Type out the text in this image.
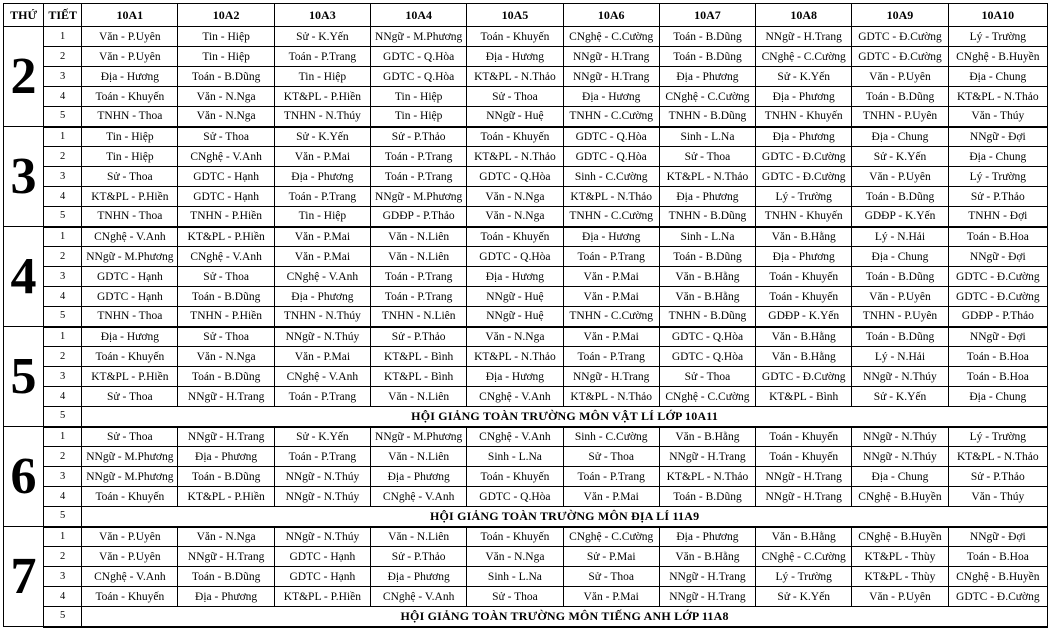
THỨ	TIẾT	10A1	10A2	10A3	10A4	10A5	10A6	10A7	10A8	10A9	10A10
2	1	Văn - P.Uyên	Tin - Hiệp	Sử - K.Yến	NNgữ - M.Phương	Toán - Khuyến	CNghệ - C.Cường	Toán - B.Dũng	NNgữ - H.Trang	GDTC - Đ.Cường	Lý - Trường
	2	Văn - P.Uyên	Tin - Hiệp	Toán - P.Trang	GDTC - Q.Hòa	Địa - Hương	NNgữ - H.Trang	Toán - B.Dũng	CNghệ - C.Cường	GDTC - Đ.Cường	CNghệ - B.Huyền
	3	Địa - Hương	Toán - B.Dũng	Tin - Hiệp	GDTC - Q.Hòa	KT&PL - N.Thảo	NNgữ - H.Trang	Địa - Phương	Sử - K.Yến	Văn - P.Uyên	Địa - Chung
	4	Toán - Khuyến	Văn - N.Nga	KT&PL - P.Hiền	Tin - Hiệp	Sử - Thoa	Địa - Hương	CNghệ - C.Cường	Địa - Phương	Toán - B.Dũng	KT&PL - N.Thảo
	5	TNHN - Thoa	Văn - N.Nga	TNHN - N.Thúy	Tin - Hiệp	NNgữ - Huệ	TNHN - C.Cường	TNHN - B.Dũng	TNHN - Khuyến	TNHN - P.Uyên	Văn - Thúy
3	1	Tin - Hiệp	Sử - Thoa	Sử - K.Yến	Sử - P.Thảo	Toán - Khuyến	GDTC - Q.Hòa	Sinh - L.Na	Địa - Phương	Địa - Chung	NNgữ - Đợi
	2	Tin - Hiệp	CNghệ - V.Anh	Văn - P.Mai	Toán - P.Trang	KT&PL - N.Thảo	GDTC - Q.Hòa	Sử - Thoa	GDTC - Đ.Cường	Sử - K.Yến	Địa - Chung
	3	Sử - Thoa	GDTC - Hạnh	Địa - Phương	Toán - P.Trang	GDTC - Q.Hòa	Sinh - C.Cường	KT&PL - N.Thảo	GDTC - Đ.Cường	Văn - P.Uyên	Lý - Trường
	4	KT&PL - P.Hiền	GDTC - Hạnh	Toán - P.Trang	NNgữ - M.Phương	Văn - N.Nga	KT&PL - N.Thảo	Địa - Phương	Lý - Trường	Toán - B.Dũng	Sử - P.Thảo
	5	TNHN - Thoa	TNHN - P.Hiền	Tin - Hiệp	GDĐP - P.Thảo	Văn - N.Nga	TNHN - C.Cường	TNHN - B.Dũng	TNHN - Khuyến	GDĐP - K.Yến	TNHN - Đợi
4	1	CNghệ - V.Anh	KT&PL - P.Hiền	Văn - P.Mai	Văn - N.Liên	Toán - Khuyến	Địa - Hương	Sinh - L.Na	Văn - B.Hằng	Lý - N.Hải	Toán - B.Hoa
	2	NNgữ - M.Phương	CNghệ - V.Anh	Văn - P.Mai	Văn - N.Liên	GDTC - Q.Hòa	Toán - P.Trang	Toán - B.Dũng	Địa - Phương	Địa - Chung	NNgữ - Đợi
	3	GDTC - Hạnh	Sử - Thoa	CNghệ - V.Anh	Toán - P.Trang	Địa - Hương	Văn - P.Mai	Văn - B.Hằng	Toán - Khuyến	Toán - B.Dũng	GDTC - Đ.Cường
	4	GDTC - Hạnh	Toán - B.Dũng	Địa - Phương	Toán - P.Trang	NNgữ - Huệ	Văn - P.Mai	Văn - B.Hằng	Toán - Khuyến	Văn - P.Uyên	GDTC - Đ.Cường
	5	TNHN - Thoa	TNHN - P.Hiền	TNHN - N.Thúy	TNHN - N.Liên	NNgữ - Huệ	TNHN - C.Cường	TNHN - B.Dũng	GDĐP - K.Yến	TNHN - P.Uyên	GDĐP - P.Thảo
5	1	Địa - Hương	Sử - Thoa	NNgữ - N.Thúy	Sử - P.Thảo	Văn - N.Nga	Văn - P.Mai	GDTC - Q.Hòa	Văn - B.Hằng	Toán - B.Dũng	NNgữ - Đợi
	2	Toán - Khuyến	Văn - N.Nga	Văn - P.Mai	KT&PL - Bình	KT&PL - N.Thảo	Toán - P.Trang	GDTC - Q.Hòa	Văn - B.Hằng	Lý - N.Hải	Toán - B.Hoa
	3	KT&PL - P.Hiền	Toán - B.Dũng	CNghệ - V.Anh	KT&PL - Bình	Địa - Hương	NNgữ - H.Trang	Sử - Thoa	GDTC - Đ.Cường	NNgữ - N.Thúy	Toán - B.Hoa
	4	Sử - Thoa	NNgữ - H.Trang	Toán - P.Trang	Văn - N.Liên	CNghệ - V.Anh	KT&PL - N.Thảo	CNghệ - C.Cường	KT&PL - Bình	Sử - K.Yến	Địa - Chung
	5	HỘI GIẢNG TOÀN TRƯỜNG MÔN VẬT LÍ LỚP 10A11									
6	1	Sử - Thoa	NNgữ - H.Trang	Sử - K.Yến	NNgữ - M.Phương	CNghệ - V.Anh	Sinh - C.Cường	Văn - B.Hằng	Toán - Khuyến	NNgữ - N.Thúy	Lý - Trường
	2	NNgữ - M.Phương	Địa - Phương	Toán - P.Trang	Văn - N.Liên	Sinh - L.Na	Sử - Thoa	NNgữ - H.Trang	Toán - Khuyến	NNgữ - N.Thúy	KT&PL - N.Thảo
	3	NNgữ - M.Phương	Toán - B.Dũng	NNgữ - N.Thúy	Địa - Phương	Toán - Khuyến	Toán - P.Trang	KT&PL - N.Thảo	NNgữ - H.Trang	Địa - Chung	Sử - P.Thảo
	4	Toán - Khuyến	KT&PL - P.Hiền	NNgữ - N.Thúy	CNghệ - V.Anh	GDTC - Q.Hòa	Văn - P.Mai	Toán - B.Dũng	NNgữ - H.Trang	CNghệ - B.Huyền	Văn - Thúy
	5	HỘI GIẢNG TOÀN TRƯỜNG MÔN ĐỊA LÍ 11A9									
7	1	Văn - P.Uyên	Văn - N.Nga	NNgữ - N.Thúy	Văn - N.Liên	Toán - Khuyến	CNghệ - C.Cường	Địa - Phương	Văn - B.Hằng	CNghệ - B.Huyền	NNgữ - Đợi
	2	Văn - P.Uyên	NNgữ - H.Trang	GDTC - Hạnh	Sử - P.Thảo	Văn - N.Nga	Sử - P.Mai	Văn - B.Hằng	CNghệ - C.Cường	KT&PL - Thùy	Toán - B.Hoa
	3	CNghệ - V.Anh	Toán - B.Dũng	GDTC - Hạnh	Địa - Phương	Sinh - L.Na	Sử - Thoa	NNgữ - H.Trang	Lý - Trường	KT&PL - Thùy	CNghệ - B.Huyền
	4	Toán - Khuyến	Địa - Phương	KT&PL - P.Hiền	CNghệ - V.Anh	Sử - Thoa	Văn - P.Mai	NNgữ - H.Trang	Sử - K.Yến	Văn - P.Uyên	GDTC - Đ.Cường
	5	HỘI GIẢNG TOÀN TRƯỜNG MÔN TIẾNG ANH LỚP 11A8									
